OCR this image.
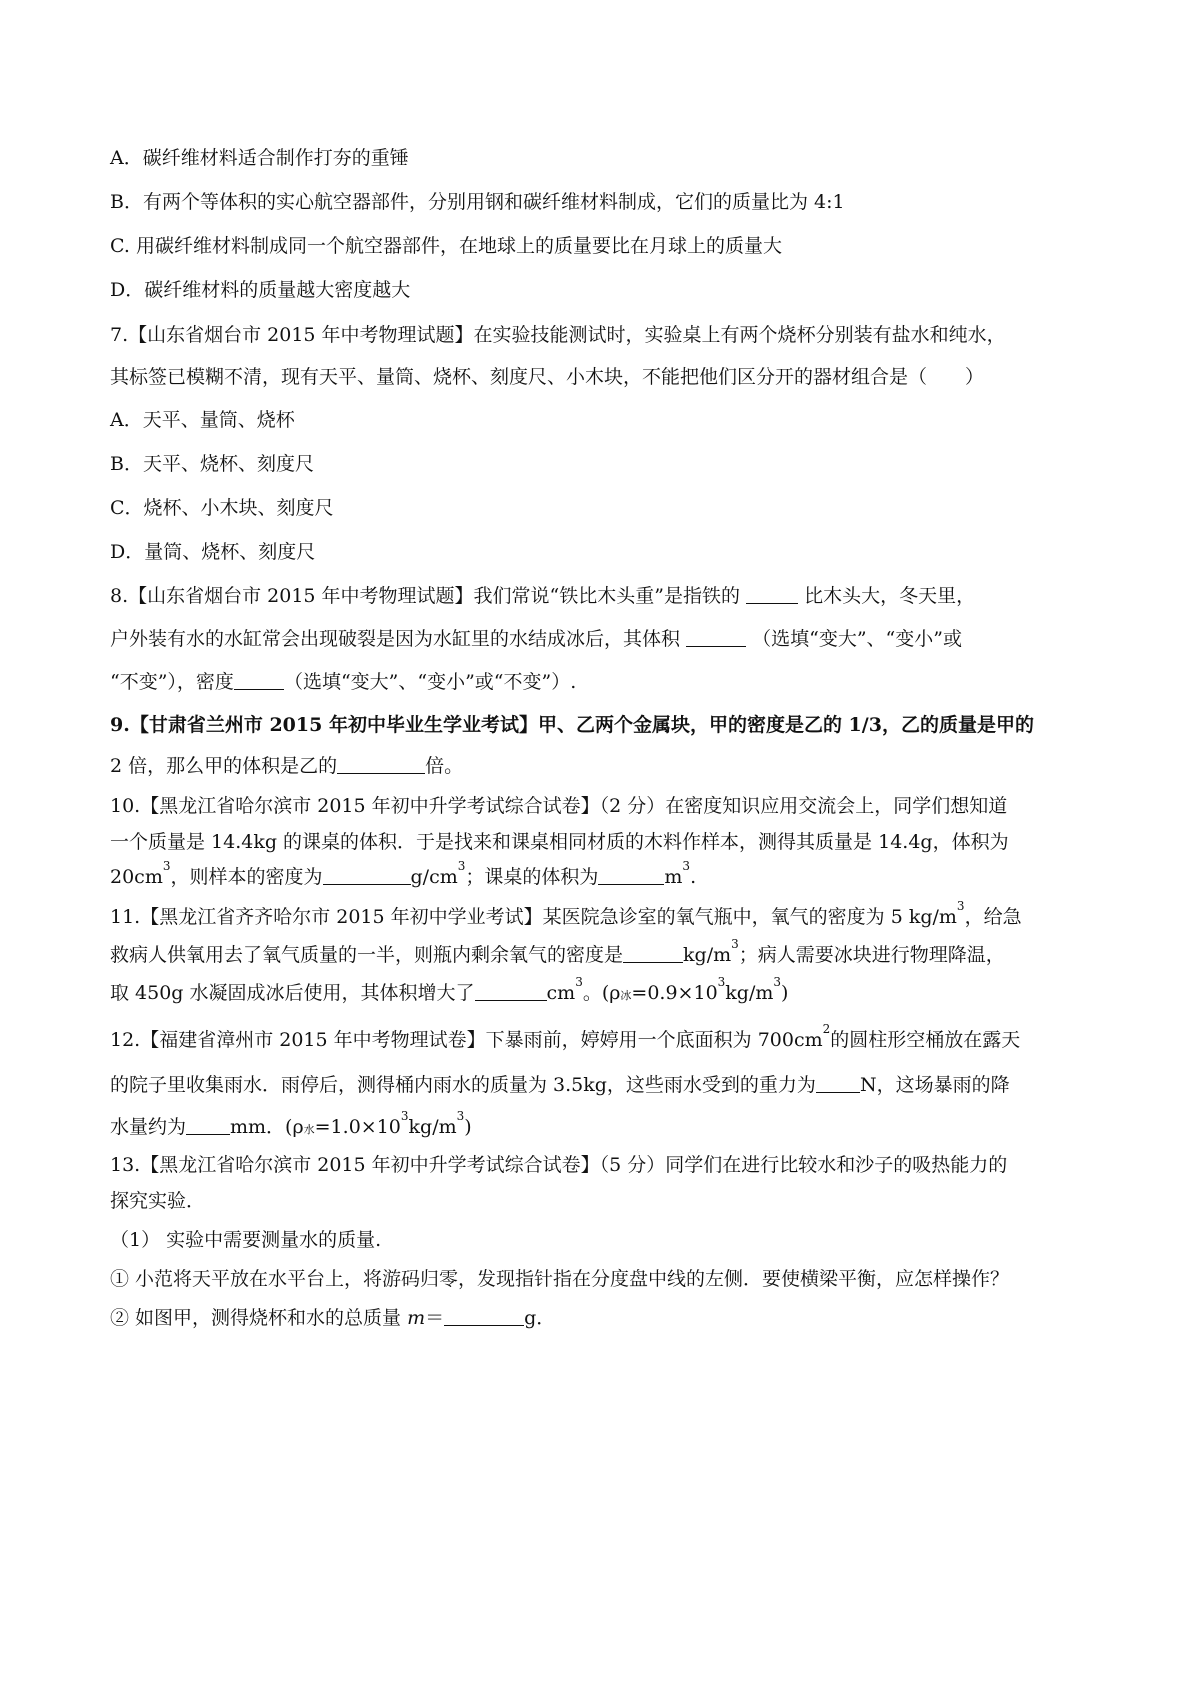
A．碳纤维材料适合制作打夯的重锤
B．有两个等体积的实心航空器部件，分别用钢和碳纤维材料制成，它们的质量比为 4:1
C. 用碳纤维材料制成同一个航空器部件，在地球上的质量要比在月球上的质量大
D．碳纤维材料的质量越大密度越大
7.【山东省烟台市 2015 年中考物理试题】在实验技能测试时，实验桌上有两个烧杯分别装有盐水和纯水，
其标签已模糊不清，现有天平、量筒、烧杯、刻度尺、小木块，不能把他们区分开的器材组合是（　　）
A．天平、量筒、烧杯
B．天平、烧杯、刻度尺
C．烧杯、小木块、刻度尺
D．量筒、烧杯、刻度尺
8.【山东省烟台市 2015 年中考物理试题】我们常说“铁比木头重”是指铁的	比木头大，冬天里，
户外装有水的水缸常会出现破裂是因为水缸里的水结成冰后，其体积	（选填“变大”、“变小”或
“不变”），密度	（选填“变大”、“变小”或“不变”）.
9.【甘肃省兰州市 2015 年初中毕业生学业考试】甲、乙两个金属块，甲的密度是乙的 1/3，乙的质量是甲的
2 倍，那么甲的体积是乙的	倍。
10.【黑龙江省哈尔滨市 2015 年初中升学考试综合试卷】（2 分）在密度知识应用交流会上，同学们想知道
一个质量是 14.4kg 的课桌的体积．于是找来和课桌相同材质的木料作样本，测得其质量是 14.4g，体积为
$20cm^3$，则样本的密度为	$g/cm^3$；课桌的体积为	$m^3$.
11.【黑龙江省齐齐哈尔市 2015 年初中学业考试】某医院急诊室的氧气瓶中，氧气的密度为 5 $kg/m^3$，给急
救病人供氧用去了氧气质量的一半，则瓶内剩余氧气的密度是	$kg/m^3$；病人需要冰块进行物理降温，
取 450g 水凝固成冰后使用，其体积增大了	$cm^3$。(ρ冰$=0.9\times 10^3kg/m^3$)
12.【福建省漳州市 2015 年中考物理试卷】下暴雨前，婷婷用一个底面积为 $700cm^2$的圆柱形空桶放在露天
的院子里收集雨水．雨停后，测得桶内雨水的质量为 3.5kg，这些雨水受到的重力为 N，这场暴雨的降
水量约为 mm．(ρ水$=1.0\times 10^3kg/m^3$)
13.【黑龙江省哈尔滨市 2015 年初中升学考试综合试卷】（5 分）同学们在进行比较水和沙子的吸热能力的
探究实验．
（1） 实验中需要测量水的质量.
① 小范将天平放在水平台上，将游码归零，发现指针指在分度盘中线的左侧．要使横梁平衡，应怎样操作？
② 如图甲，测得烧杯和水的总质量 m＝	g．
